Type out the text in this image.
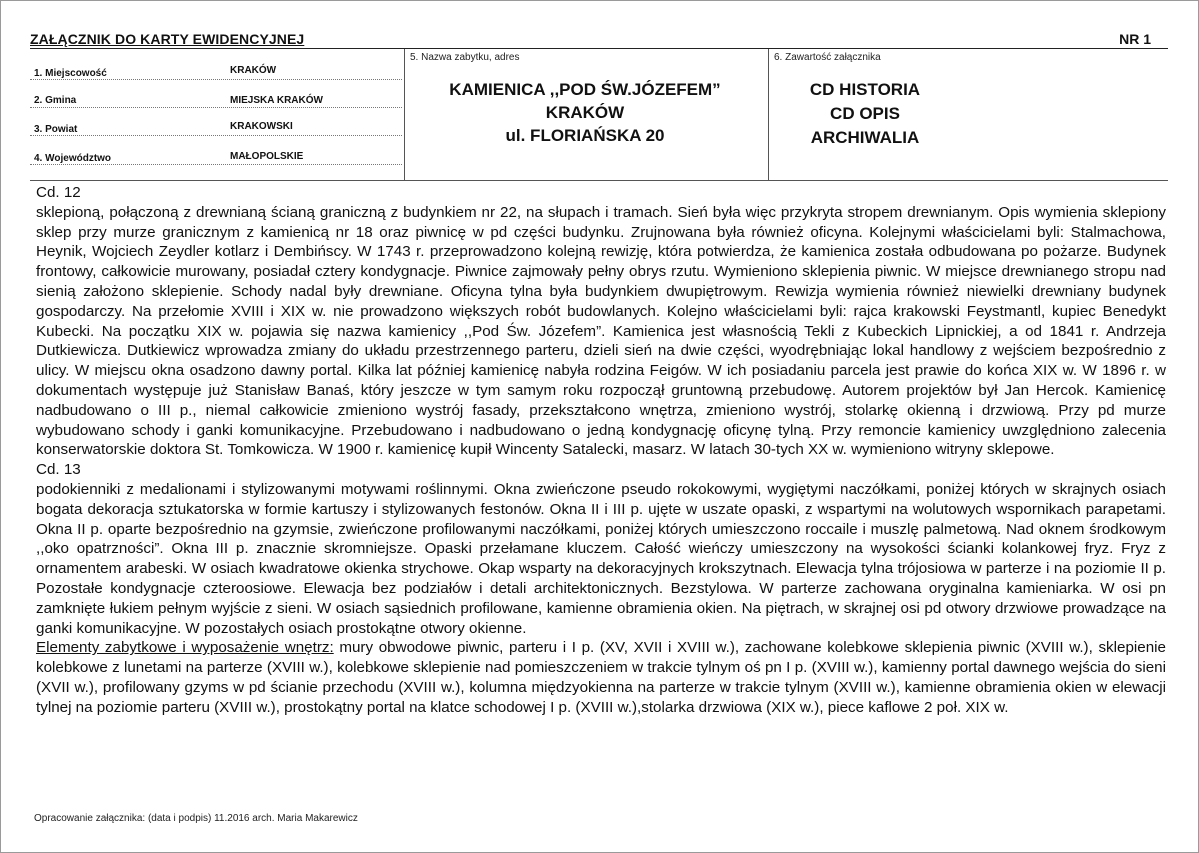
ZAŁĄCZNIK DO KARTY EWIDENCYJNEJ	NR 1
1. Miejscowość	KRAKÓW
2. Gmina	MIEJSKA KRAKÓW
3. Powiat	KRAKOWSKI
4. Województwo	MAŁOPOLSKIE
5. Nazwa zabytku, adres
KAMIENICA ,,POD ŚW.JÓZEFEM”
KRAKÓW
ul. FLORIAŃSKA 20
6. Zawartość załącznika
CD HISTORIA
CD OPIS
ARCHIWALIA

Cd. 12

sklepioną, połączoną z drewnianą ścianą graniczną z budynkiem nr 22, na słupach i tramach. Sień była więc przykryta stropem drewnianym. Opis wymienia sklepiony sklep przy murze granicznym z kamienicą nr 18 oraz piwnicę w pd części budynku. Zrujnowana była również oficyna. Kolejnymi właścicielami byli: Stalmachowa, Heynik, Wojciech Zeydler kotlarz i Dembińscy. W 1743 r. przeprowadzono kolejną rewizję, która potwierdza, że kamienica została odbudowana po pożarze. Budynek frontowy, całkowicie murowany, posiadał cztery kondygnacje. Piwnice zajmowały pełny obrys rzutu. Wymieniono sklepienia piwnic. W miejsce drewnianego stropu nad sienią założono sklepienie. Schody nadal były drewniane. Oficyna tylna była budynkiem dwupiętrowym. Rewizja wymienia również niewielki drewniany budynek gospodarczy. Na przełomie XVIII i XIX w. nie prowadzono większych robót budowlanych. Kolejno właścicielami byli: rajca krakowski Feystmantl, kupiec Benedykt Kubecki. Na początku XIX w. pojawia się nazwa kamienicy ,,Pod Św. Józefem”. Kamienica jest własnością Tekli z Kubeckich Lipnickiej, a od 1841 r. Andrzeja Dutkiewicza. Dutkiewicz wprowadza zmiany do układu przestrzennego parteru, dzieli sień na dwie części, wyodrębniając lokal handlowy z wejściem bezpośrednio z ulicy. W miejscu okna osadzono dawny portal. Kilka lat później kamienicę nabyła rodzina Feigów. W ich posiadaniu parcela jest prawie do końca XIX w. W 1896 r. w dokumentach występuje już Stanisław Banaś, który jeszcze w tym samym roku rozpoczął gruntowną przebudowę. Autorem projektów był Jan Hercok. Kamienicę nadbudowano o III p., niemal całkowicie zmieniono wystrój fasady, przekształcono wnętrza, zmieniono wystrój, stolarkę okienną i drzwiową. Przy pd murze wybudowano schody i ganki komunikacyjne. Przebudowano i nadbudowano o jedną kondygnację oficynę tylną. Przy remoncie kamienicy uwzględniono zalecenia konserwatorskie doktora St. Tomkowicza. W 1900 r. kamienicę kupił Wincenty Satalecki, masarz. W latach 30-tych XX w. wymieniono witryny sklepowe.

Cd. 13

podokienniki z medalionami i stylizowanymi motywami roślinnymi. Okna zwieńczone pseudo rokokowymi, wygiętymi naczółkami, poniżej których w skrajnych osiach bogata dekoracja sztukatorska w formie kartuszy i stylizowanych festonów. Okna II i III p. ujęte w uszate opaski, z wspartymi na wolutowych wspornikach parapetami. Okna II p. oparte bezpośrednio na gzymsie, zwieńczone profilowanymi naczółkami, poniżej których umieszczono roccaile i muszlę palmetową. Nad oknem środkowym ,,oko opatrzności”. Okna III p. znacznie skromniejsze. Opaski przełamane kluczem. Całość wieńczy umieszczony na wysokości ścianki kolankowej fryz. Fryz z ornamentem arabeski. W osiach kwadratowe okienka strychowe. Okap wsparty na dekoracyjnych krokszytnach. Elewacja tylna trójosiowa w parterze i na poziomie II p. Pozostałe kondygnacje czteroosiowe. Elewacja bez podziałów i detali architektonicznych. Bezstylowa. W parterze zachowana oryginalna kamieniarka. W osi pn zamknięte łukiem pełnym wyjście z sieni. W osiach sąsiednich profilowane, kamienne obramienia okien. Na piętrach, w skrajnej osi pd otwory drzwiowe prowadzące na ganki komunikacyjne. W pozostałych osiach prostokątne otwory okienne.

Elementy zabytkowe i wyposażenie wnętrz: mury obwodowe piwnic, parteru i I p. (XV, XVII i XVIII w.), zachowane kolebkowe sklepienia piwnic (XVIII w.), sklepienie kolebkowe z lunetami na parterze (XVIII w.), kolebkowe sklepienie nad pomieszczeniem w trakcie tylnym oś pn I p. (XVIII w.), kamienny portal dawnego wejścia do sieni (XVII w.), profilowany gzyms w pd ścianie przechodu (XVIII w.), kolumna międzyokienna na parterze w trakcie tylnym (XVIII w.), kamienne obramienia okien w elewacji tylnej na poziomie parteru (XVIII w.), prostokątny portal na klatce schodowej I p. (XVIII w.),stolarka drzwiowa (XIX w.), piece kaflowe 2 poł. XIX w.

Opracowanie załącznika: (data i podpis) 11.2016 arch. Maria Makarewicz
